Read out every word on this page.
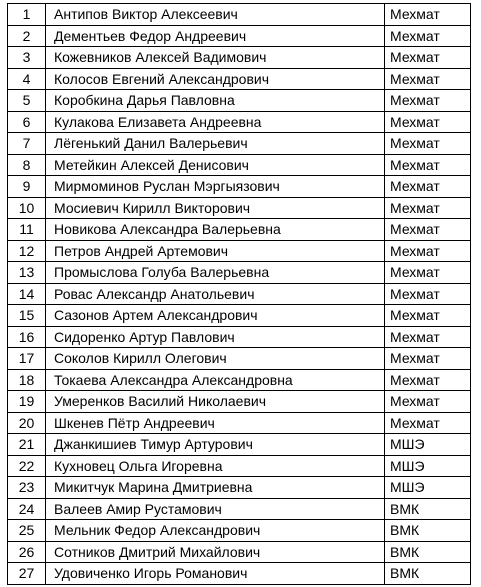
1	Антипов Виктор Алексеевич	Мехмат
2	Дементьев Федор Андреевич	Мехмат
3	Кожевников Алексей Вадимович	Мехмат
4	Колосов Евгений Александрович	Мехмат
5	Коробкина Дарья Павловна	Мехмат
6	Кулакова Елизавета Андреевна	Мехмат
7	Лёгенький Данил Валерьевич	Мехмат
8	Метейкин Алексей Денисович	Мехмат
9	Мирмоминов Руслан Мэргыязович	Мехмат
10	Мосиевич Кирилл Викторович	Мехмат
11	Новикова Александра Валерьевна	Мехмат
12	Петров Андрей Артемович	Мехмат
13	Промыслова Голуба Валерьевна	Мехмат
14	Ровас Александр Анатольевич	Мехмат
15	Сазонов Артем Александрович	Мехмат
16	Сидоренко Артур Павлович	Мехмат
17	Соколов Кирилл Олегович	Мехмат
18	Токаева Александра Александровна	Мехмат
19	Умеренков Василий Николаевич	Мехмат
20	Шкенев Пётр Андреевич	Мехмат
21	Джанкишиев Тимур Артурович	МШЭ
22	Кухновец Ольга Игоревна	МШЭ
23	Микитчук Марина Дмитриевна	МШЭ
24	Валеев Амир Рустамович	ВМК
25	Мельник Федор Александрович	ВМК
26	Сотников Дмитрий Михайлович	ВМК
27	Удовиченко Игорь Романович	ВМК
